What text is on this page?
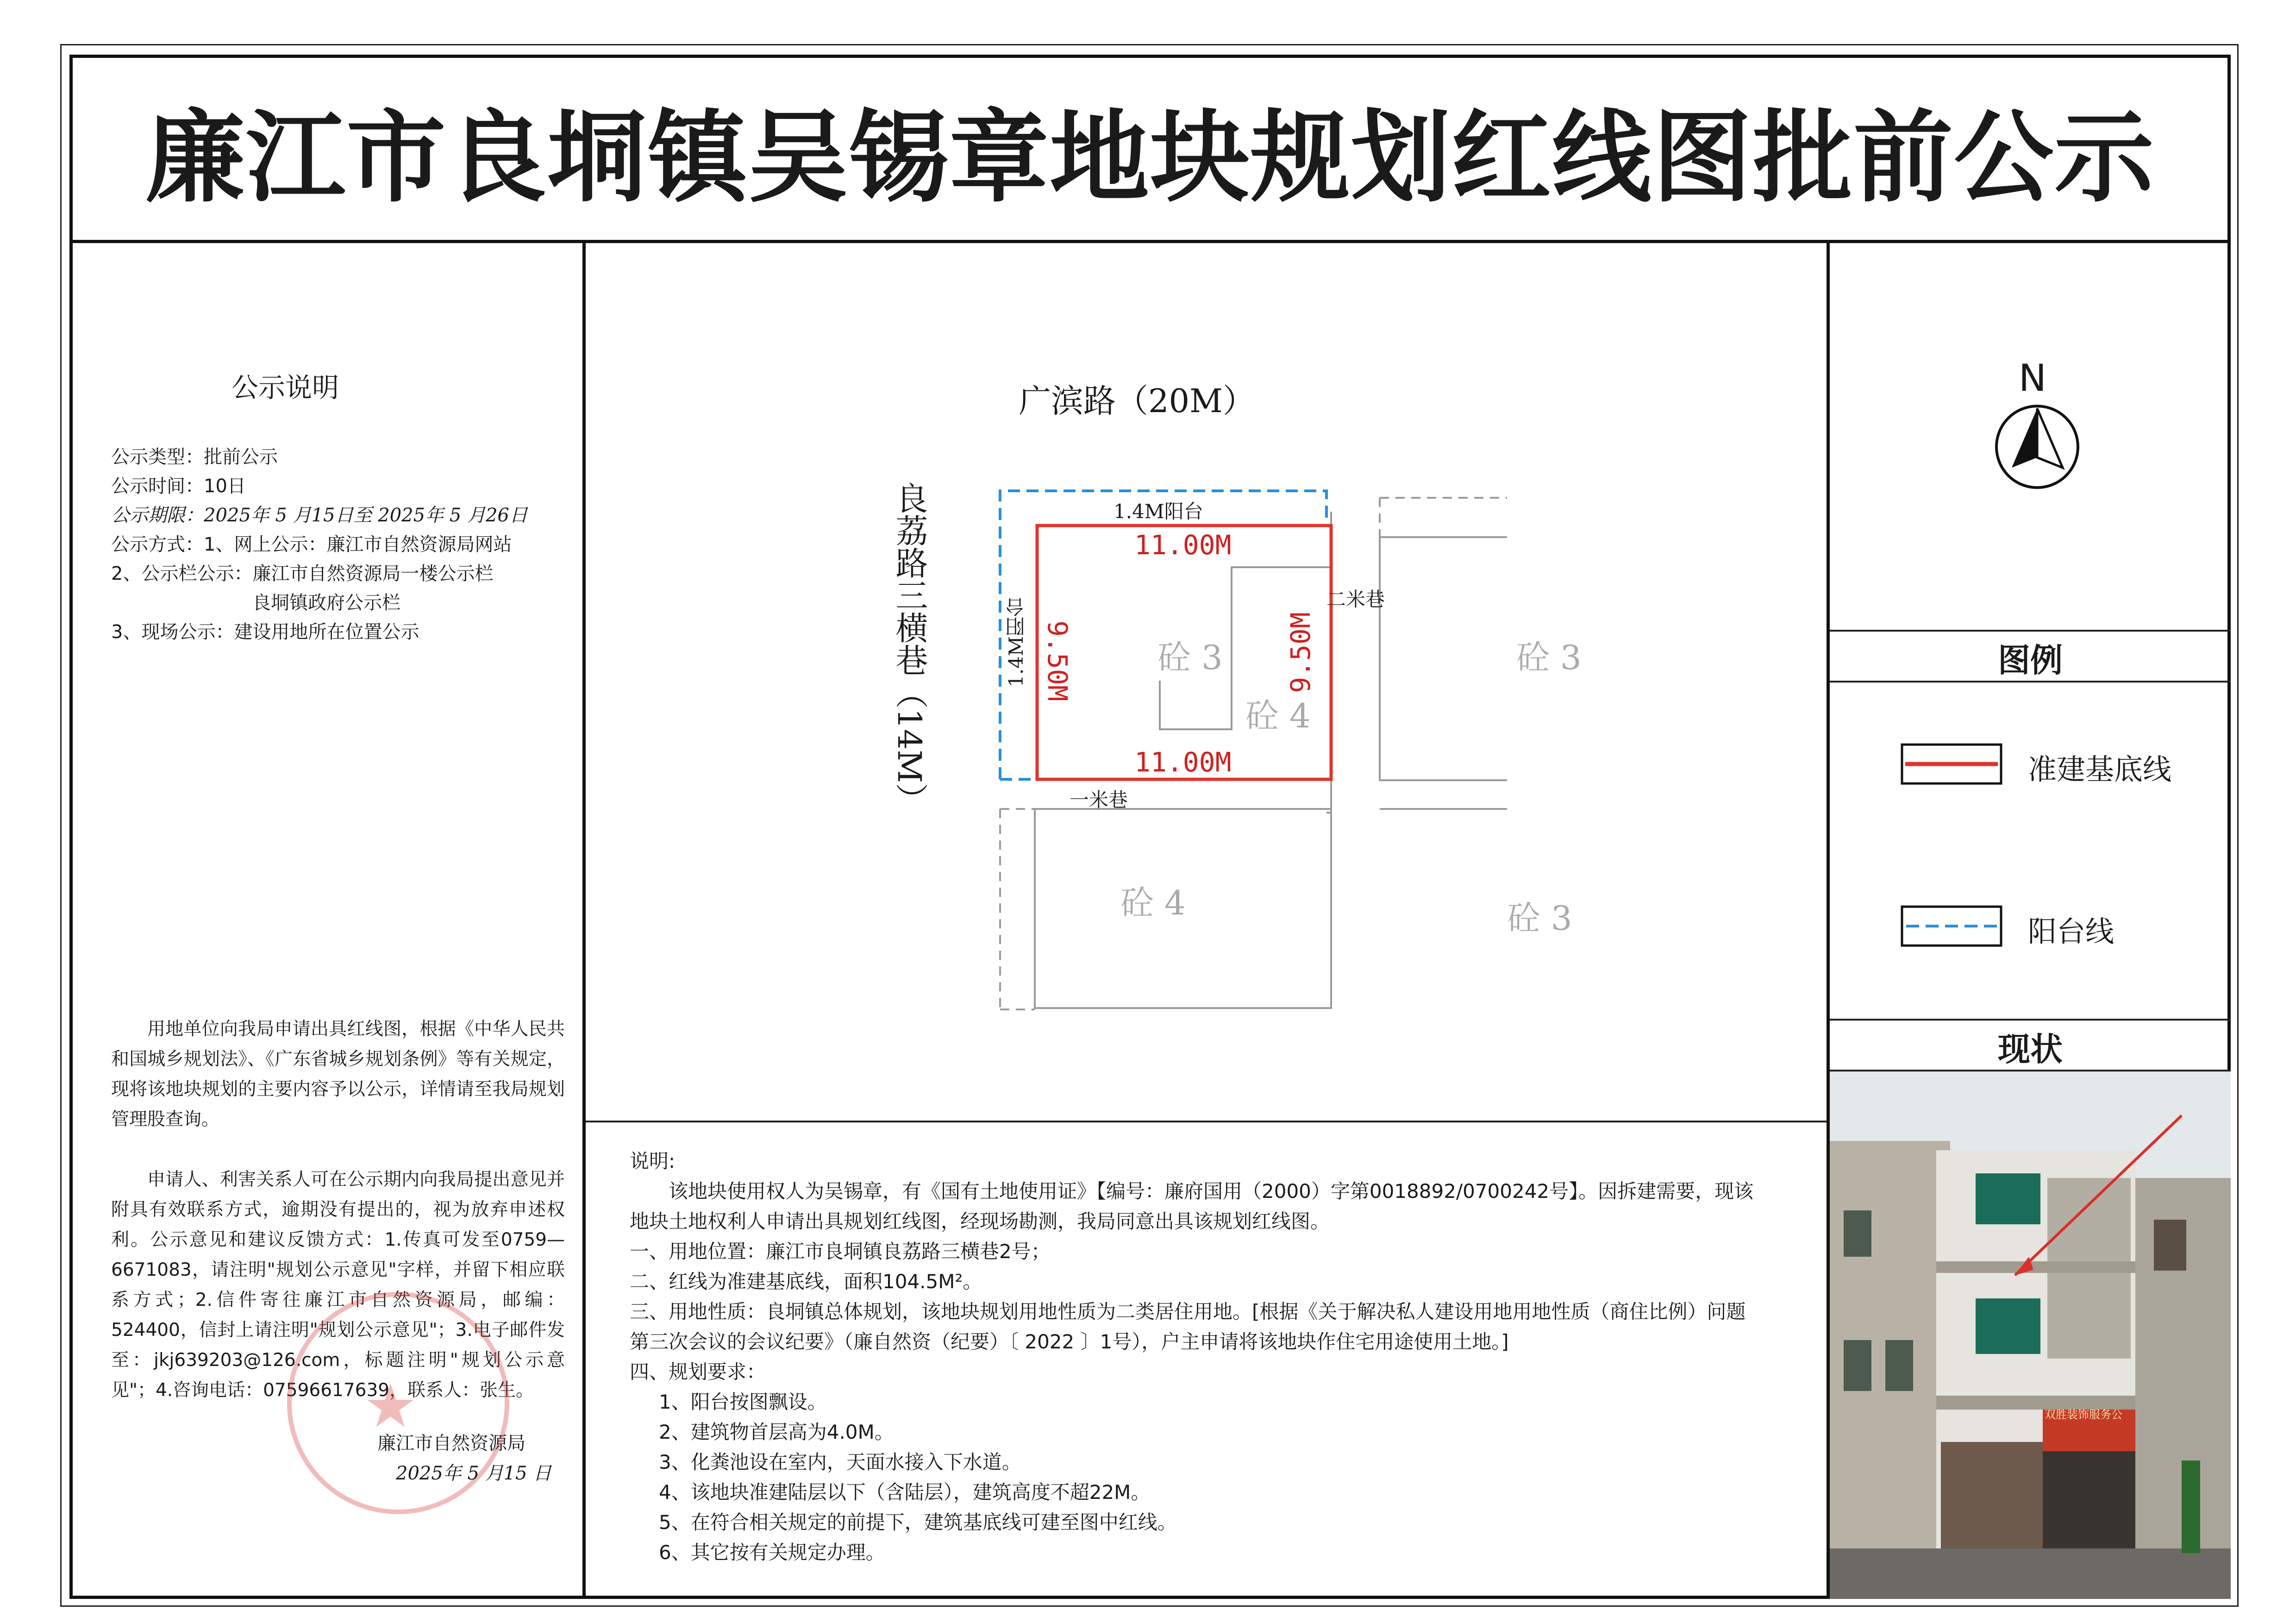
廉江市良垌镇吴锡章地块规划红线图批前公示
公示说明
公示类型：批前公示
公示时间：10日
公示期限：2025年 5 月15日至 2025年 5 月26日
公示方式：1、网上公示：廉江市自然资源局网站
2、公示栏公示：廉江市自然资源局一楼公示栏
良垌镇政府公示栏
3、现场公示：建设用地所在位置公示

用地单位向我局申请出具红线图，根据《中华人民共和国城乡规划法》、《广东省城乡规划条例》等有关规定，现将该地块规划的主要内容予以公示，详情请至我局规划管理股查询。

申请人、利害关系人可在公示期内向我局提出意见并附具有效联系方式，逾期没有提出的，视为放弃申述权利。公示意见和建议反馈方式：1.传真可发至0759—6671083，请注明"规划公示意见"字样，并留下相应联系方式；2.信件寄往廉江市自然资源局，邮编：524400，信封上请注明"规划公示意见"；3.电子邮件发至：jkj639203@126.com，标题注明"规划公示意见"；4.咨询电话：07596617639，联系人：张生。

★
廉江市自然资源局
2025年 5 月15 日
广滨路（20M）
良荔路三横巷（14M）	1.4M阳台
1.4M阳台	二米巷
一米巷
11.00M
11.00M
9.50M	9.50M
砼 3
砼 4
砼 3
砼 4	砼 3
说明:
该地块使用权人为吴锡章，有《国有土地使用证》【编号：廉府国用（2000）字第0018892/0700242号】。因拆建需要，现该地块土地权利人申请出具规划红线图，经现场勘测，我局同意出具该规划红线图。
一、用地位置：廉江市良垌镇良荔路三横巷2号；
二、红线为准建基底线，面积104.5M²。
三、用地性质：良垌镇总体规划，该地块规划用地性质为二类居住用地。[根据《关于解决私人建设用地用地性质（商住比例）问题第三次会议的会议纪要》（廉自然资（纪要）〔 2022 〕1号），户主申请将该地块作住宅用途使用土地。]
四、规划要求：
1、阳台按图飘设。
2、建筑物首层高为4.0M。
3、化粪池设在室内，天面水接入下水道。
4、该地块准建陆层以下（含陆层），建筑高度不超22M。
5、在符合相关规定的前提下，建筑基底线可建至图中红线。
6、其它按有关规定办理。
N
图例
准建基底线
阳台线
现状
双胜装饰服务公
